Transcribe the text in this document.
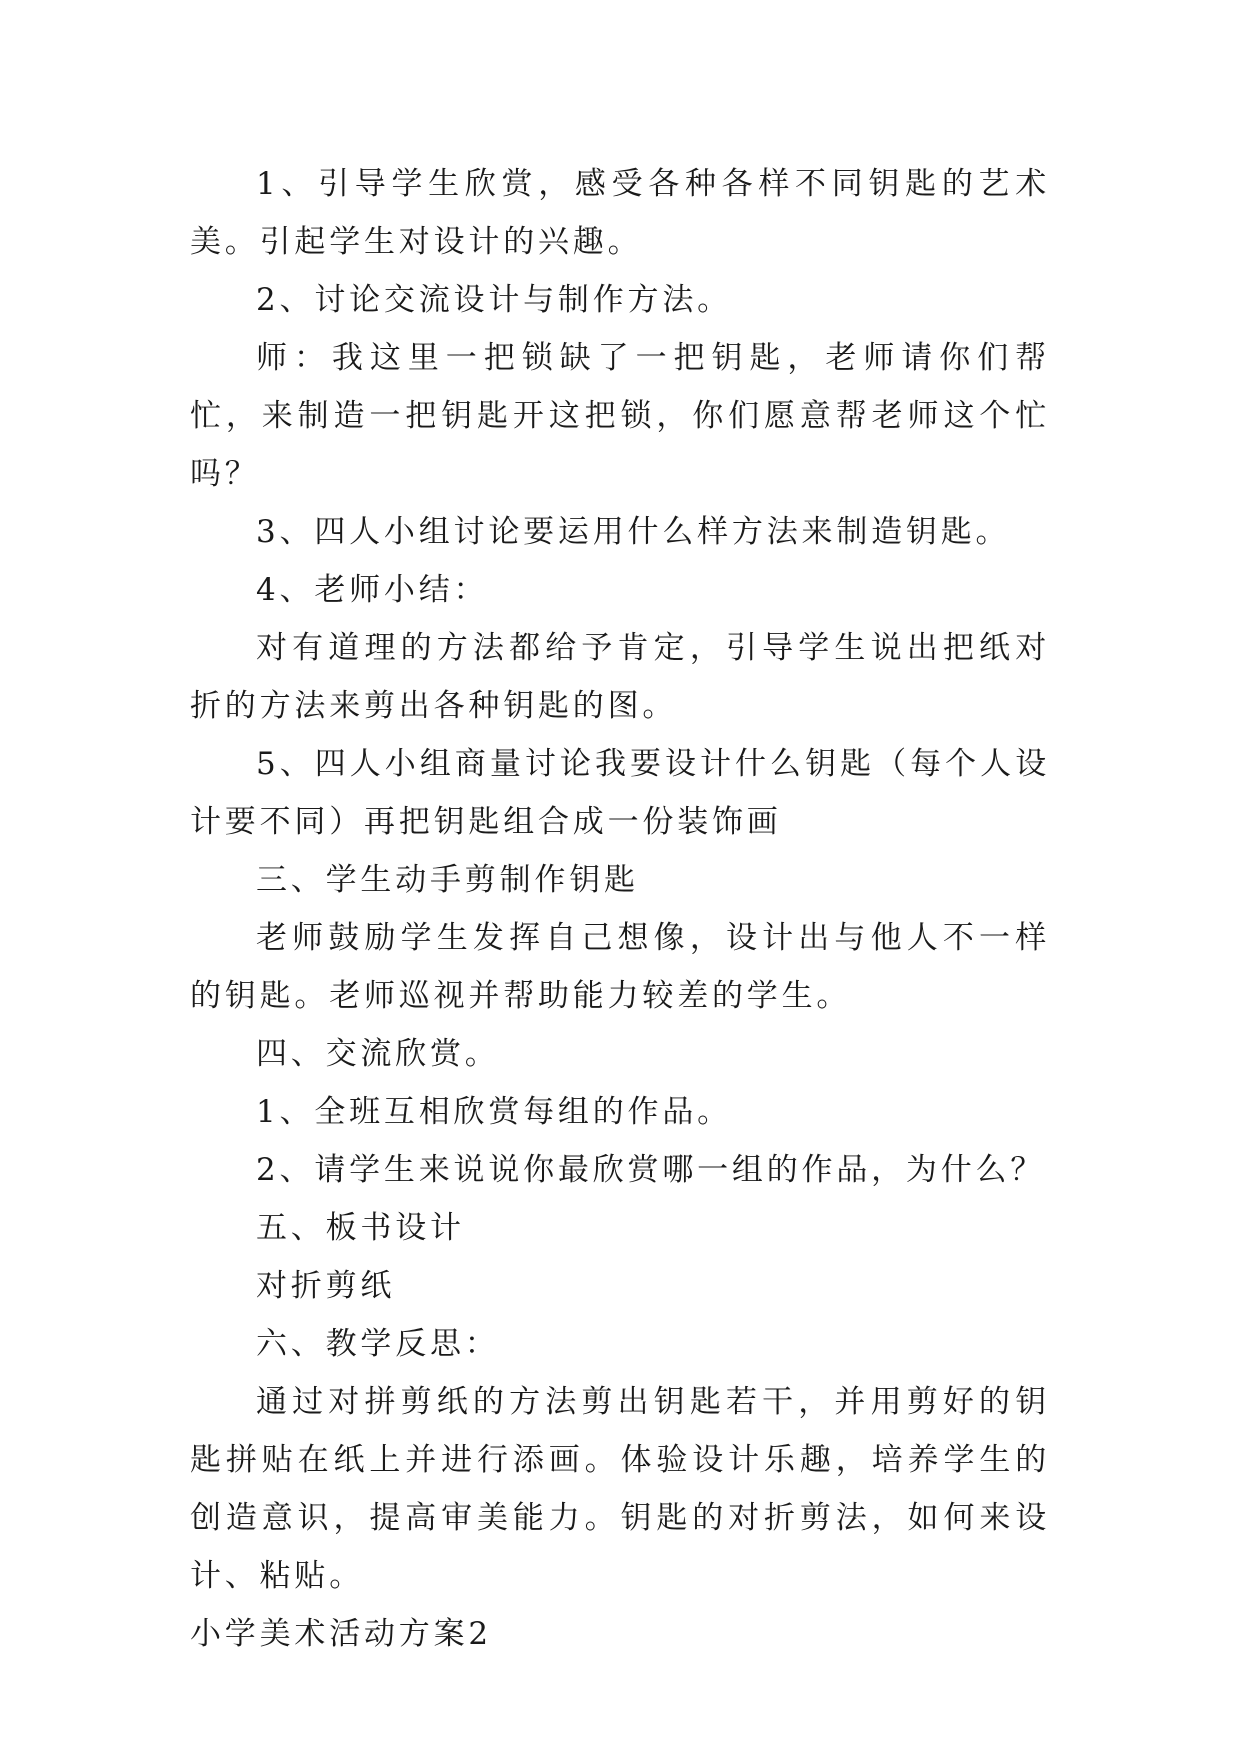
1、引导学生欣赏，感受各种各样不同钥匙的艺术美。引起学生对设计的兴趣。

2、讨论交流设计与制作方法。

师：我这里一把锁缺了一把钥匙，老师请你们帮忙，来制造一把钥匙开这把锁，你们愿意帮老师这个忙吗？

3、四人小组讨论要运用什么样方法来制造钥匙。

4、老师小结：

对有道理的方法都给予肯定，引导学生说出把纸对折的方法来剪出各种钥匙的图。

5、四人小组商量讨论我要设计什么钥匙（每个人设计要不同）再把钥匙组合成一份装饰画

三、学生动手剪制作钥匙

老师鼓励学生发挥自己想像，设计出与他人不一样的钥匙。老师巡视并帮助能力较差的学生。

四、交流欣赏。

1、全班互相欣赏每组的作品。

2、请学生来说说你最欣赏哪一组的作品，为什么？

五、板书设计

对折剪纸

六、教学反思：

通过对拼剪纸的方法剪出钥匙若干，并用剪好的钥匙拼贴在纸上并进行添画。体验设计乐趣，培养学生的创造意识，提高审美能力。钥匙的对折剪法，如何来设计、粘贴。

小学美术活动方案2
